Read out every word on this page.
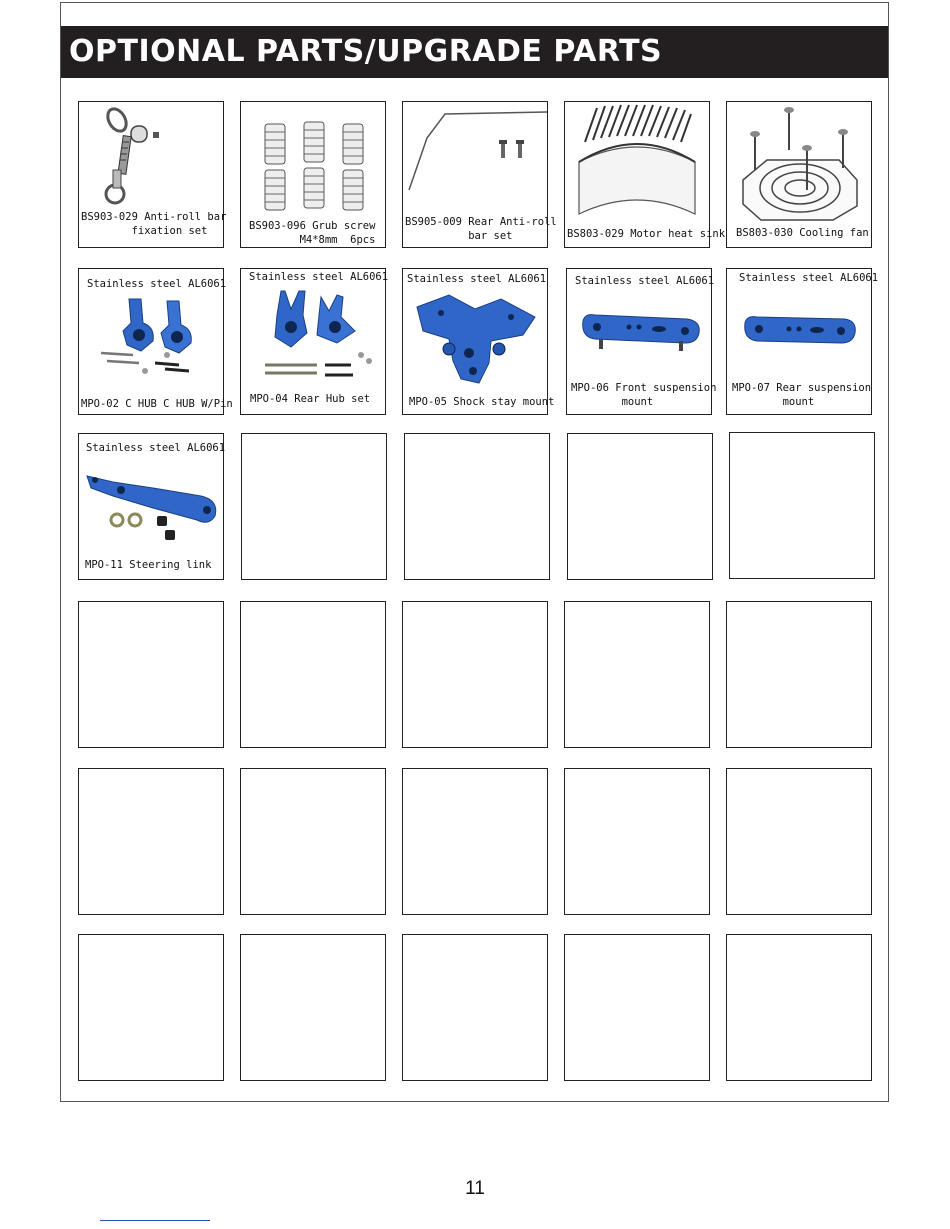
OPTIONAL PARTS/UPGRADE PARTS
BS903-029 Anti-roll bar
fixation set	BS903-096 Grub screw
M4*8mm  6pcs
BS905-009 Rear Anti-roll
bar set	BS803-029 Motor heat sink BS803-030 Cooling fan
Stainless steel AL6061
MPO-02 C HUB C HUB W/Pin
Stainless steel AL6061
MPO-04 Rear Hub set
Stainless steel AL6061
MPO-05 Shock stay mount
Stainless steel AL6061
MPO-06 Front suspension
mount
Stainless steel AL6061
MPO-07 Rear suspension
mount
Stainless steel AL6061
MPO-11 Steering link
11
